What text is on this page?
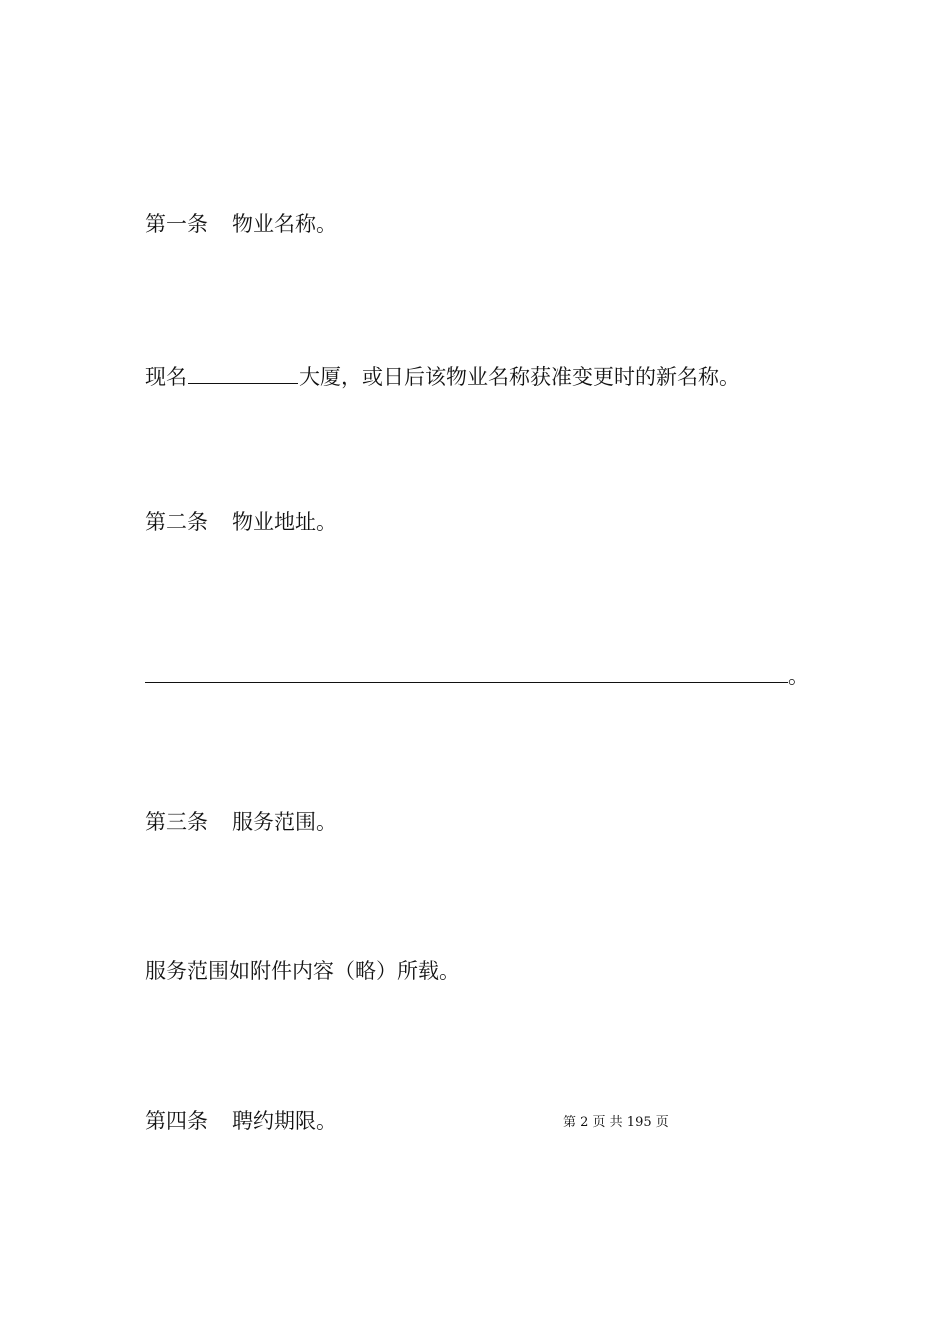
第一条 物业名称。
现名	大厦，或日后该物业名称获准变更时的新名称。
第二条 物业地址。
。
第三条 服务范围。
服务范围如附件内容（略）所载。
第四条 聘约期限。	第 2 页 共 195 页
